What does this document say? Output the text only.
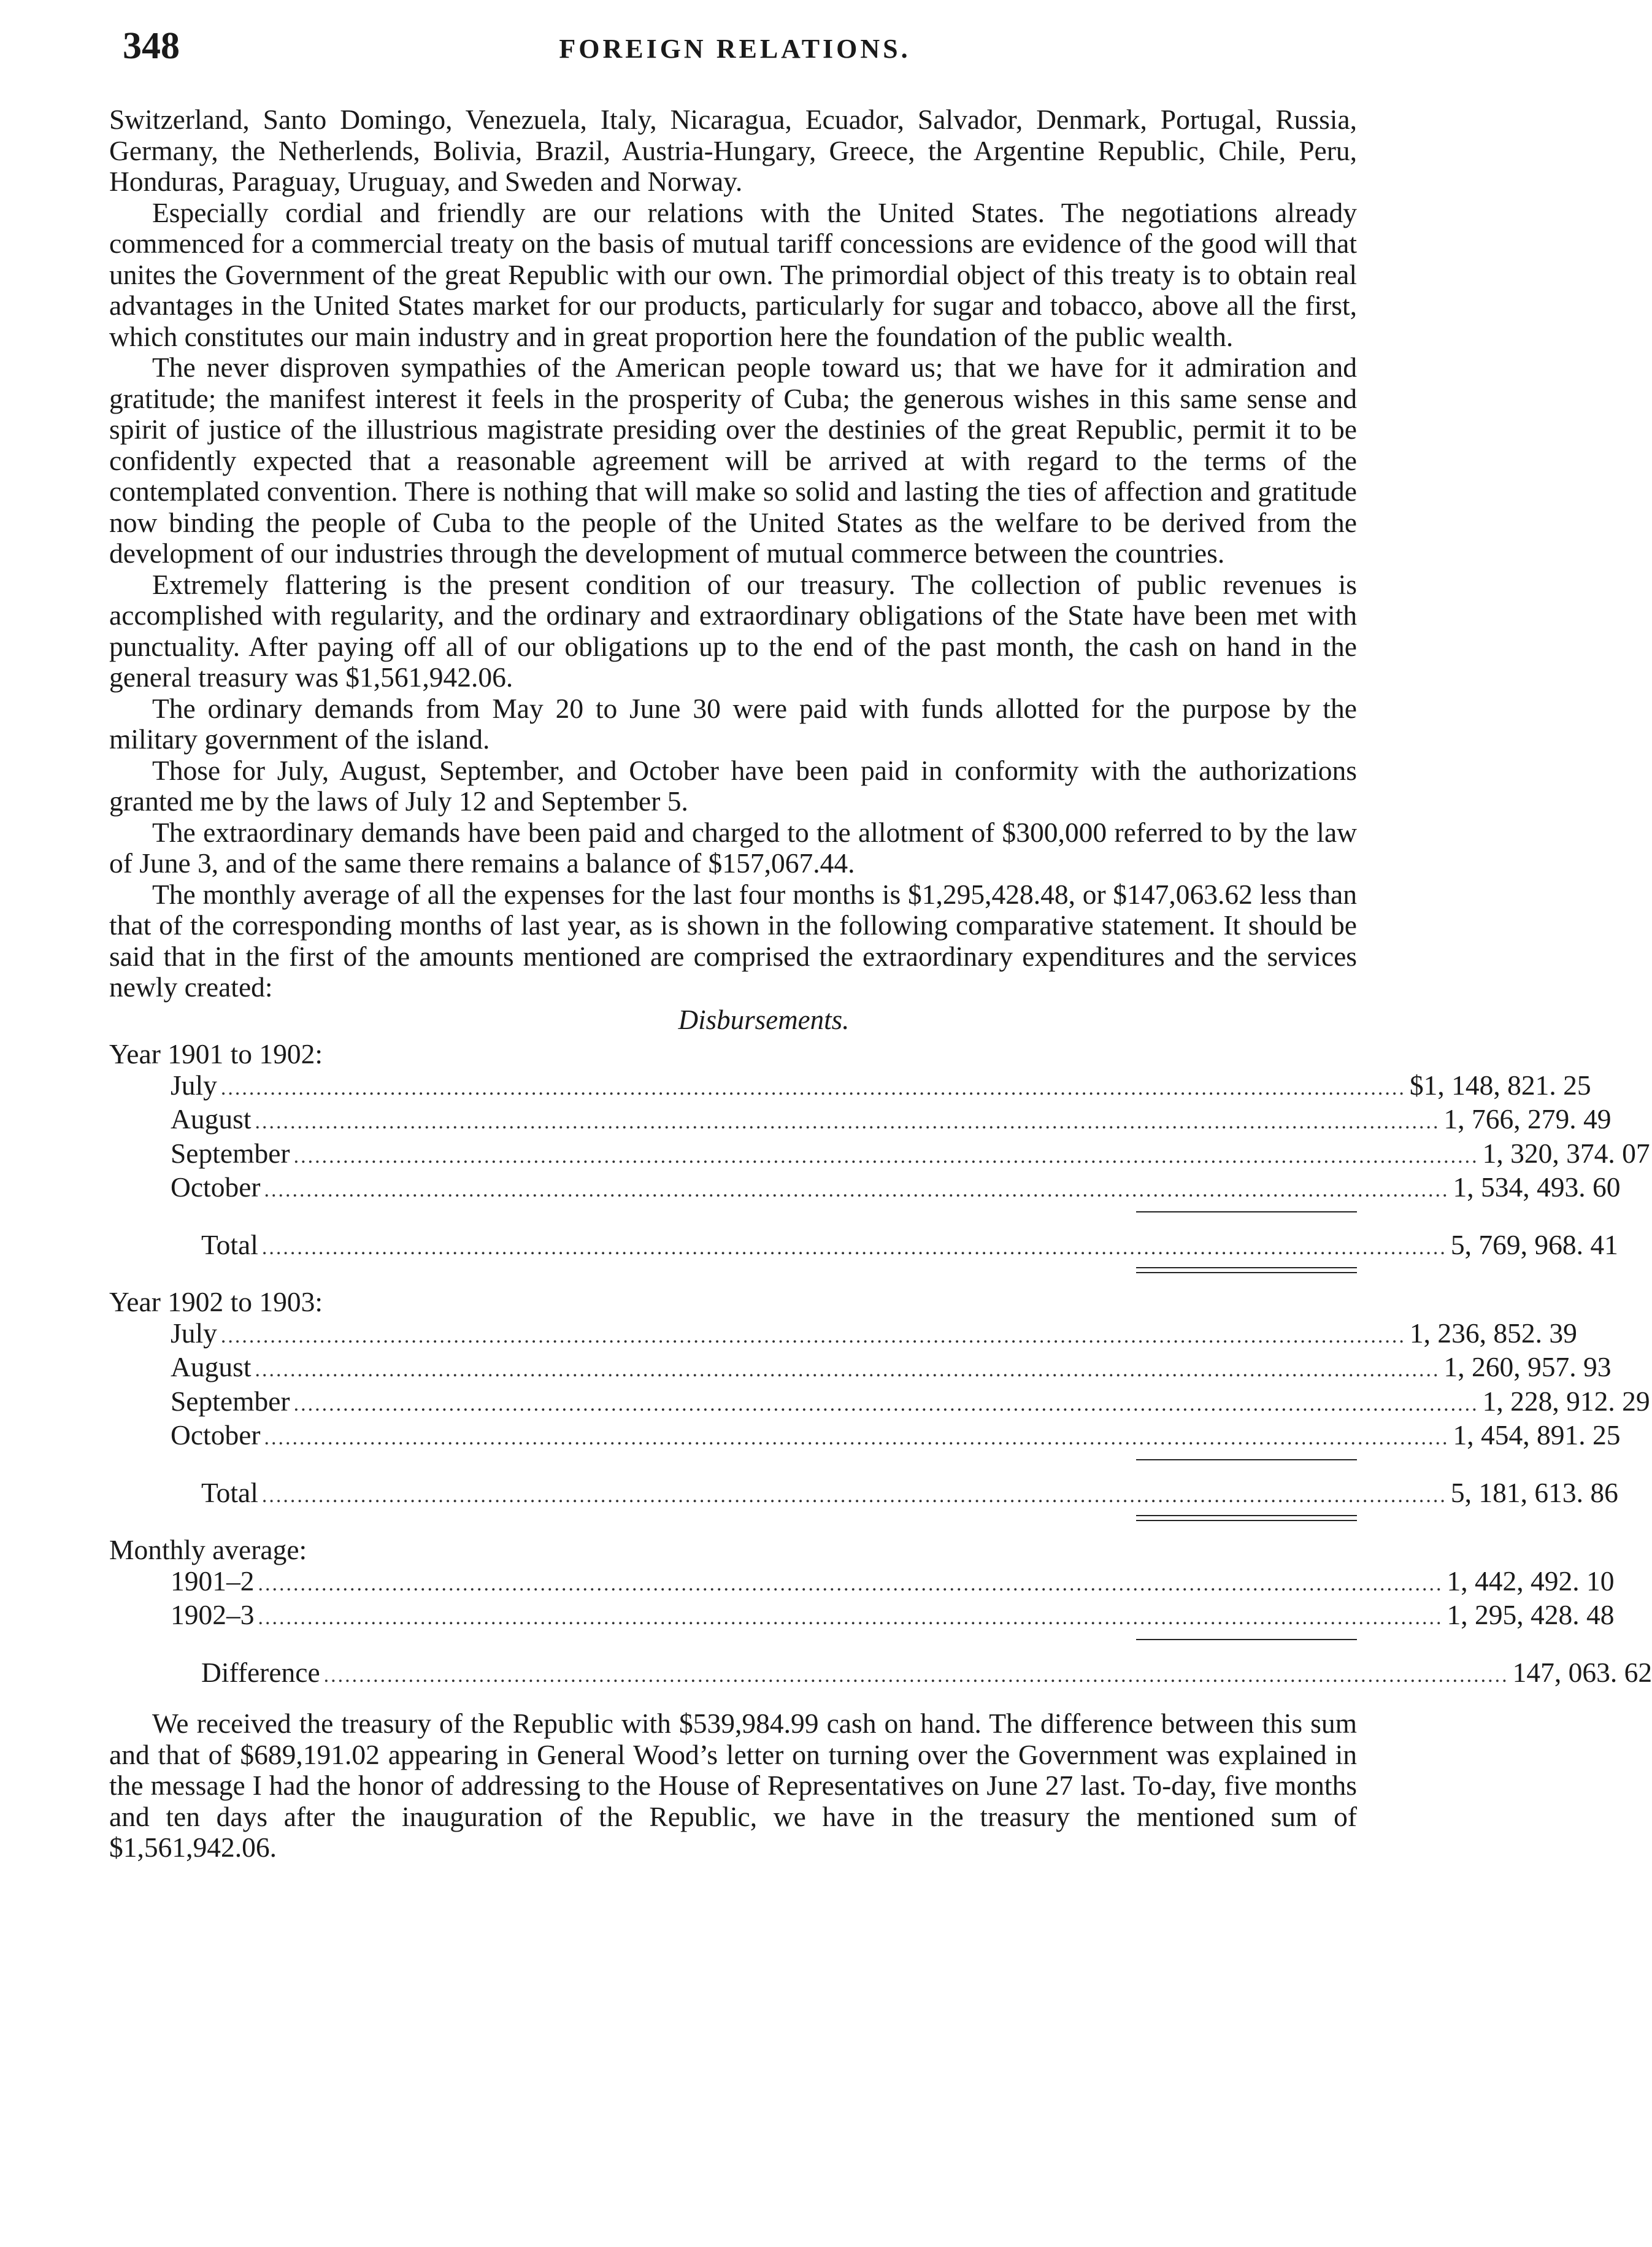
348	FOREIGN RELATIONS.

Switzerland, Santo Domingo, Venezuela, Italy, Nicaragua, Ecuador, Salvador, Denmark, Portugal, Russia, Germany, the Netherlends, Bolivia, Brazil, Austria-Hungary, Greece, the Argentine Republic, Chile, Peru, Honduras, Paraguay, Uruguay, and Sweden and Norway.

Especially cordial and friendly are our relations with the United States. The negotiations already commenced for a commercial treaty on the basis of mutual tariff concessions are evidence of the good will that unites the Government of the great Republic with our own. The primordial object of this treaty is to obtain real advantages in the United States market for our products, particularly for sugar and tobacco, above all the first, which constitutes our main industry and in great proportion here the foundation of the public wealth.

The never disproven sympathies of the American people toward us; that we have for it admiration and gratitude; the manifest interest it feels in the prosperity of Cuba; the generous wishes in this same sense and spirit of justice of the illustrious magistrate presiding over the destinies of the great Republic, permit it to be confidently expected that a reasonable agreement will be arrived at with regard to the terms of the contemplated convention. There is nothing that will make so solid and lasting the ties of affection and gratitude now binding the people of Cuba to the people of the United States as the welfare to be derived from the development of our industries through the development of mutual commerce between the countries.

Extremely flattering is the present condition of our treasury. The collection of public revenues is accomplished with regularity, and the ordinary and extraordinary obligations of the State have been met with punctuality. After paying off all of our obligations up to the end of the past month, the cash on hand in the general treasury was $1,561,942.06.

The ordinary demands from May 20 to June 30 were paid with funds allotted for the purpose by the military government of the island.

Those for July, August, September, and October have been paid in conformity with the authorizations granted me by the laws of July 12 and September 5.

The extraordinary demands have been paid and charged to the allotment of $300,000 referred to by the law of June 3, and of the same there remains a balance of $157,067.44.

The monthly average of all the expenses for the last four months is $1,295,428.48, or $147,063.62 less than that of the corresponding months of last year, as is shown in the following comparative statement. It should be said that in the first of the amounts mentioned are comprised the extraordinary expenditures and the services newly created:

Disbursements.
Year 1901 to 1902:
July ........................................................................................................................................................................ $1, 148, 821. 25
August ........................................................................................................................................................................ 1, 766, 279. 49
September ........................................................................................................................................................................ 1, 320, 374. 07
October ........................................................................................................................................................................ 1, 534, 493. 60
Total ........................................................................................................................................................................ 5, 769, 968. 41
Year 1902 to 1903:
July ........................................................................................................................................................................ 1, 236, 852. 39
August ........................................................................................................................................................................ 1, 260, 957. 93
September ........................................................................................................................................................................ 1, 228, 912. 29
October ........................................................................................................................................................................ 1, 454, 891. 25
Total ........................................................................................................................................................................ 5, 181, 613. 86
Monthly average:
1901–2 ........................................................................................................................................................................ 1, 442, 492. 10
1902–3 ........................................................................................................................................................................ 1, 295, 428. 48
Difference ........................................................................................................................................................................ 147, 063. 62

We received the treasury of the Republic with $539,984.99 cash on hand. The difference between this sum and that of $689,191.02 appearing in General Wood’s letter on turning over the Government was explained in the message I had the honor of addressing to the House of Representatives on June 27 last. To-day, five months and ten days after the inauguration of the Republic, we have in the treasury the mentioned sum of $1,561,942.06.
